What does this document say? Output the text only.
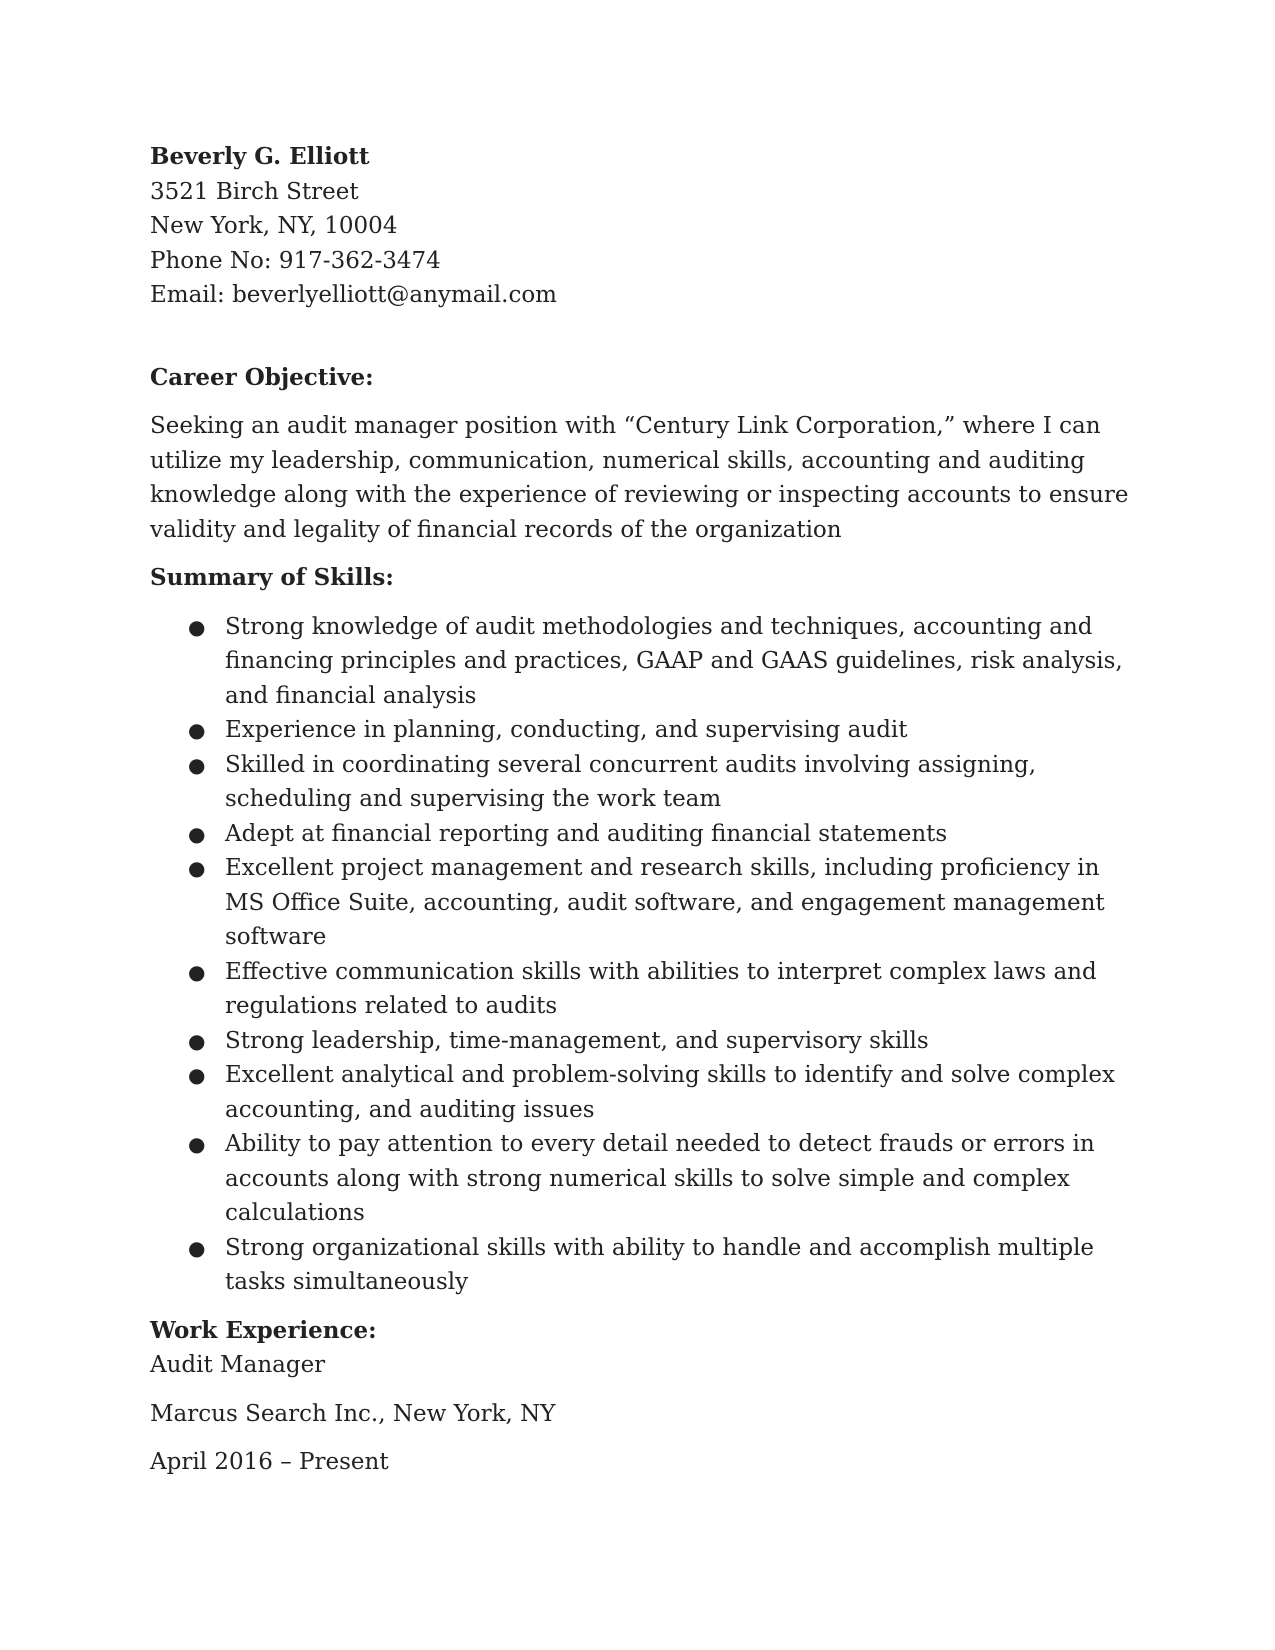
Beverly G. Elliott
3521 Birch Street
New York, NY, 10004
Phone No: 917-362-3474
Email: beverlyelliott@anymail.com
Career Objective:

Seeking an audit manager position with “Century Link Corporation,” where I can utilize my leadership, communication, numerical skills, accounting and auditing knowledge along with the experience of reviewing or inspecting accounts to ensure validity and legality of financial records of the organization

Summary of Skills:
● Strong knowledge of audit methodologies and techniques, accounting and financing principles and practices, GAAP and GAAS guidelines, risk analysis, and financial analysis
● Experience in planning, conducting, and supervising audit
● Skilled in coordinating several concurrent audits involving assigning, scheduling and supervising the work team
● Adept at financial reporting and auditing financial statements
● Excellent project management and research skills, including proficiency in MS Office Suite, accounting, audit software, and engagement management software
● Effective communication skills with abilities to interpret complex laws and regulations related to audits
● Strong leadership, time-management, and supervisory skills
● Excellent analytical and problem-solving skills to identify and solve complex accounting, and auditing issues
● Ability to pay attention to every detail needed to detect frauds or errors in accounts along with strong numerical skills to solve simple and complex calculations
● Strong organizational skills with ability to handle and accomplish multiple tasks simultaneously
Work Experience:
Audit Manager
Marcus Search Inc., New York, NY
April 2016 – Present
